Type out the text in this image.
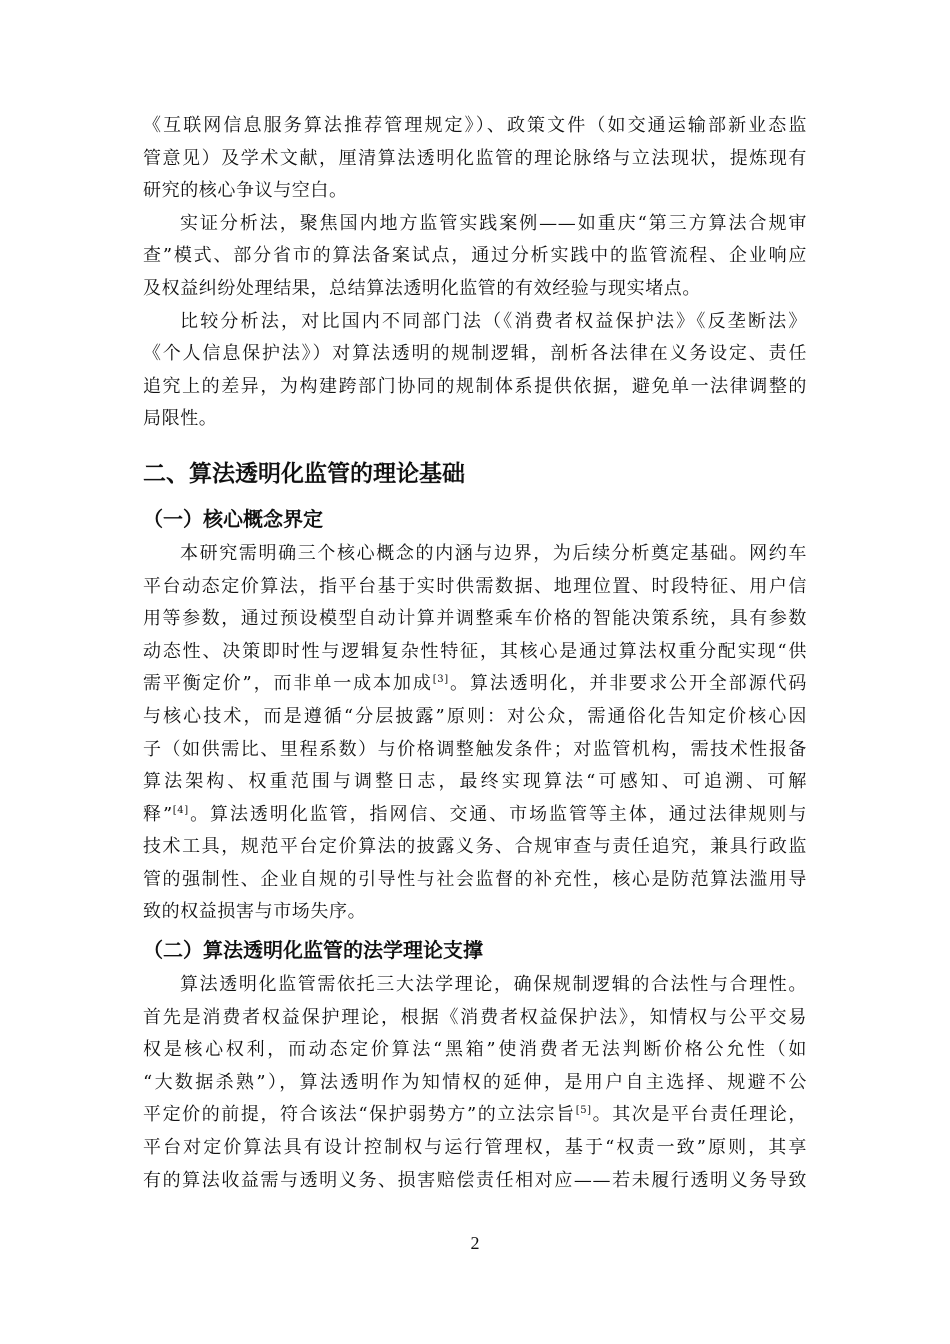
《互联网信息服务算法推荐管理规定》）、政策文件（如交通运输部新业态监
管意见）及学术文献，厘清算法透明化监管的理论脉络与立法现状，提炼现有
研究的核心争议与空白。
实证分析法，聚焦国内地方监管实践案例——如重庆“第三方算法合规审
查”模式、部分省市的算法备案试点，通过分析实践中的监管流程、企业响应
及权益纠纷处理结果，总结算法透明化监管的有效经验与现实堵点。
比较分析法，对比国内不同部门法（《消费者权益保护法》《反垄断法》
《个人信息保护法》）对算法透明的规制逻辑，剖析各法律在义务设定、责任
追究上的差异，为构建跨部门协同的规制体系提供依据，避免单一法律调整的
局限性。
二、算法透明化监管的理论基础
（一）核心概念界定
本研究需明确三个核心概念的内涵与边界，为后续分析奠定基础。网约车
平台动态定价算法，指平台基于实时供需数据、地理位置、时段特征、用户信
用等参数，通过预设模型自动计算并调整乘车价格的智能决策系统，具有参数
动态性、决策即时性与逻辑复杂性特征，其核心是通过算法权重分配实现“供
需平衡定价”，而非单一成本加成[3]。算法透明化，并非要求公开全部源代码
与核心技术，而是遵循“分层披露”原则：对公众，需通俗化告知定价核心因
子（如供需比、里程系数）与价格调整触发条件；对监管机构，需技术性报备
算法架构、权重范围与调整日志，最终实现算法“可感知、可追溯、可解
释”[4]。算法透明化监管，指网信、交通、市场监管等主体，通过法律规则与
技术工具，规范平台定价算法的披露义务、合规审查与责任追究，兼具行政监
管的强制性、企业自规的引导性与社会监督的补充性，核心是防范算法滥用导
致的权益损害与市场失序。
（二）算法透明化监管的法学理论支撑
算法透明化监管需依托三大法学理论，确保规制逻辑的合法性与合理性。
首先是消费者权益保护理论，根据《消费者权益保护法》，知情权与公平交易
权是核心权利，而动态定价算法“黑箱”使消费者无法判断价格公允性（如
“大数据杀熟”），算法透明作为知情权的延伸，是用户自主选择、规避不公
平定价的前提，符合该法“保护弱势方”的立法宗旨[5]。其次是平台责任理论，
平台对定价算法具有设计控制权与运行管理权，基于“权责一致”原则，其享
有的算法收益需与透明义务、损害赔偿责任相对应——若未履行透明义务导致
2
